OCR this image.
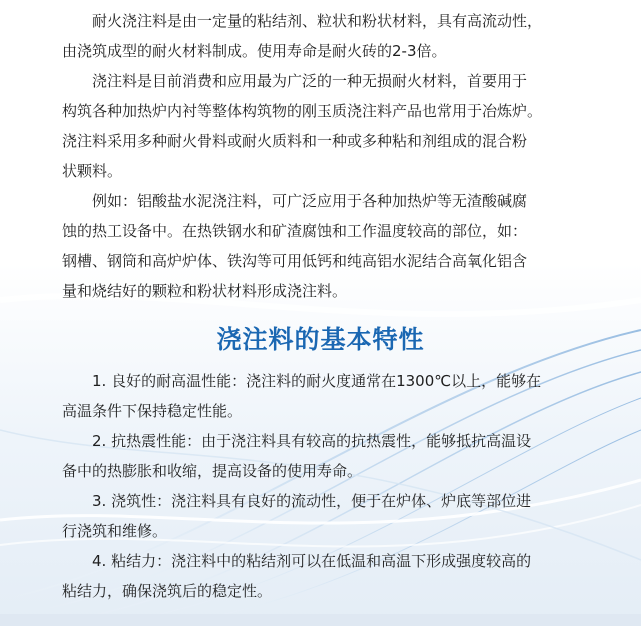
耐火浇注料是由一定量的粘结剂、粒状和粉状材料，具有高流动性，
由浇筑成型的耐火材料制成。使用寿命是耐火砖的2-3倍。

浇注料是目前消费和应用最为广泛的一种无损耐火材料，首要用于
构筑各种加热炉内衬等整体构筑物的刚玉质浇注料产品也常用于冶炼炉。
浇注料采用多种耐火骨料或耐火质料和一种或多种粘和剂组成的混合粉
状颗料。

例如：铝酸盐水泥浇注料，可广泛应用于各种加热炉等无渣酸碱腐
蚀的热工设备中。在热铁钢水和矿渣腐蚀和工作温度较高的部位，如：
钢槽、钢筒和高炉炉体、铁沟等可用低钙和纯高铝水泥结合高氧化铝含
量和烧结好的颗粒和粉状材料形成浇注料。

浇注料的基本特性

1. 良好的耐高温性能：浇注料的耐火度通常在1300℃以上，能够在
高温条件下保持稳定性能。

2. 抗热震性能：由于浇注料具有较高的抗热震性，能够抵抗高温设
备中的热膨胀和收缩，提高设备的使用寿命。

3. 浇筑性：浇注料具有良好的流动性，便于在炉体、炉底等部位进
行浇筑和维修。

4. 粘结力：浇注料中的粘结剂可以在低温和高温下形成强度较高的
粘结力，确保浇筑后的稳定性。
